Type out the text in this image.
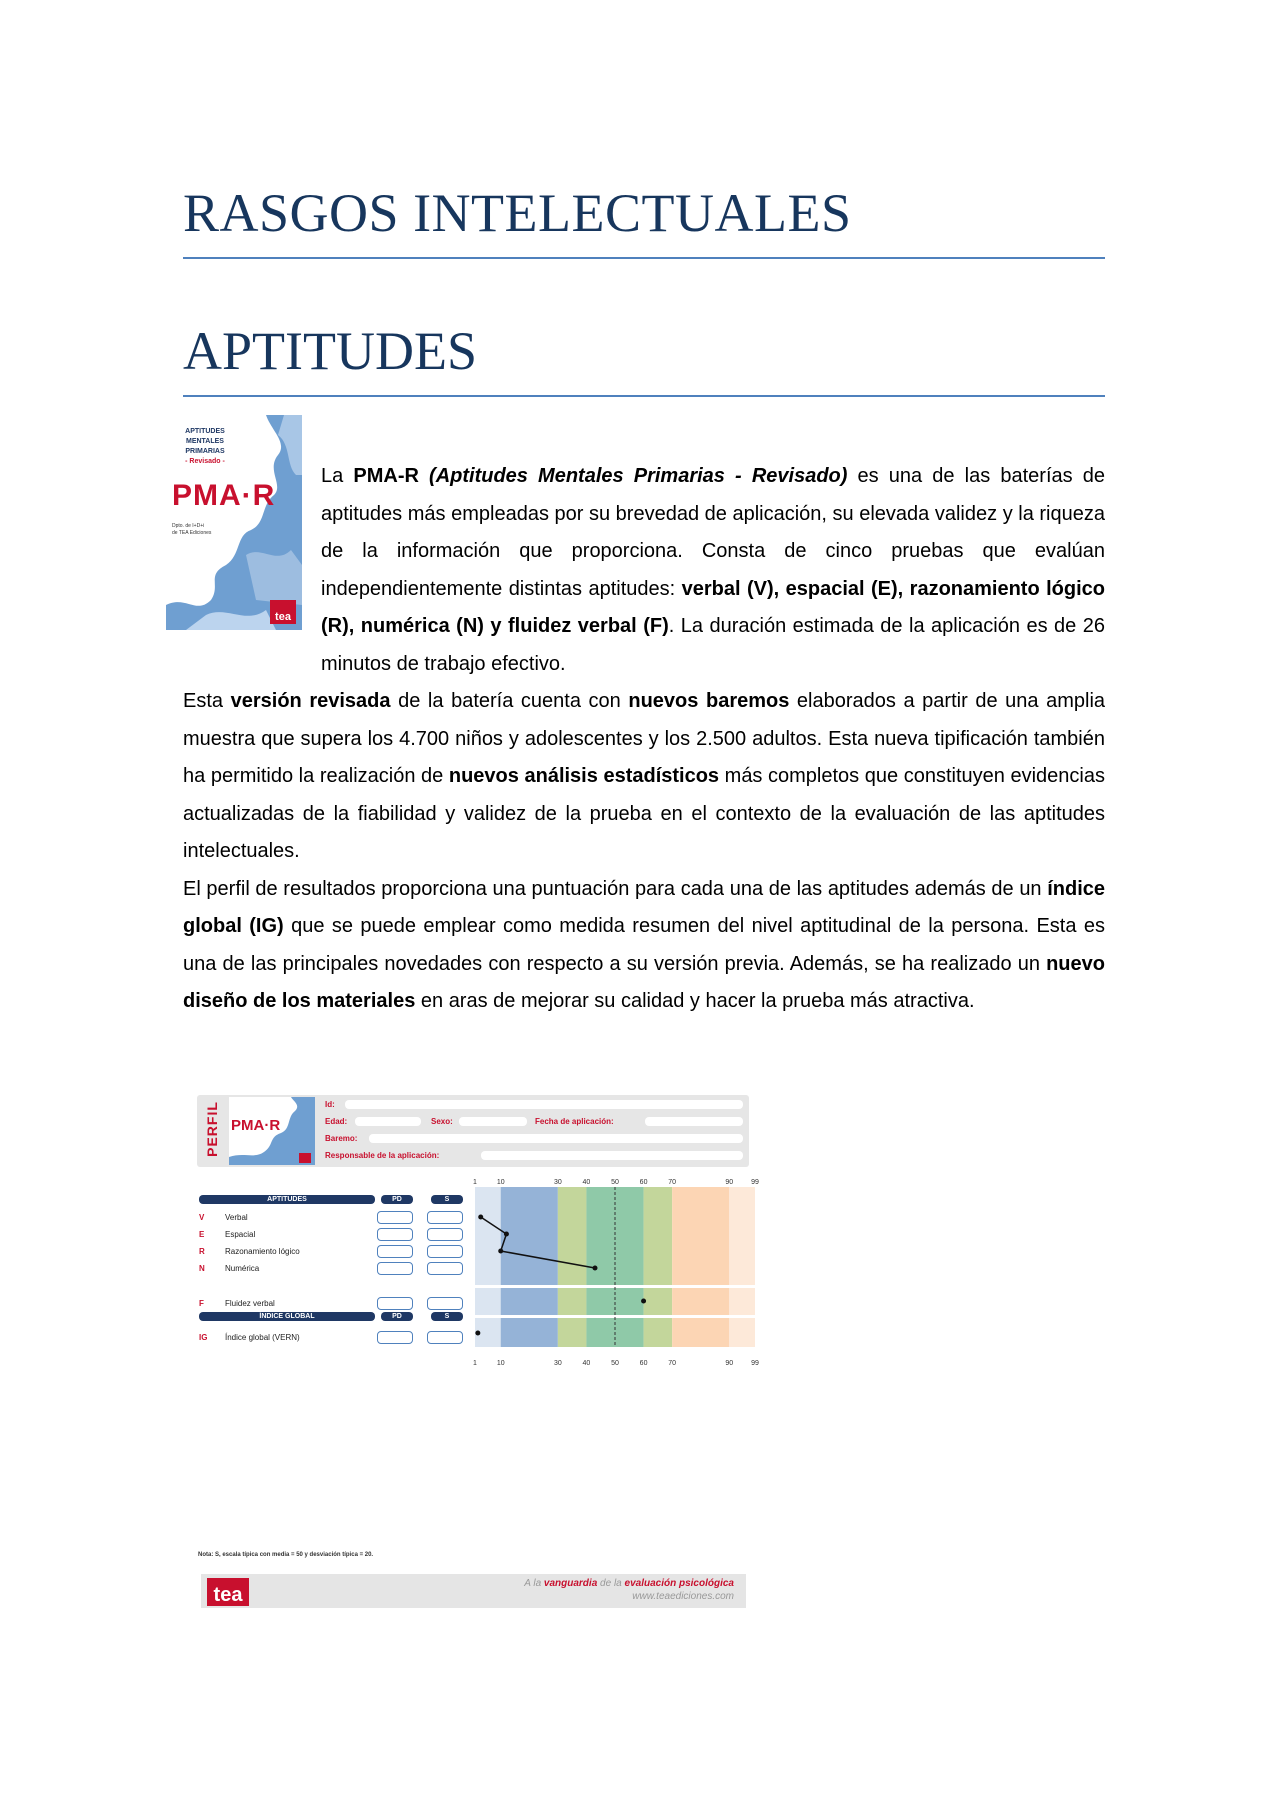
RASGOS INTELECTUALES
APTITUDES
APTITUDES
MENTALES
PRIMARIAS
- Revisado -
PMA·R
Dpto. de I+D+i
de TEA Ediciones
tea

La PMA-R (Aptitudes Mentales Primarias - Revisado) es una de las baterías de aptitudes más empleadas por su brevedad de aplicación, su elevada validez y la riqueza de la información que proporciona. Consta de cinco pruebas que evalúan independientemente distintas aptitudes: verbal (V), espacial (E), razonamiento lógico (R), numérica (N) y fluidez verbal (F). La duración estimada de la aplicación es de 26 minutos de trabajo efectivo.

Esta versión revisada de la batería cuenta con nuevos baremos elaborados a partir de una amplia muestra que supera los 4.700 niños y adolescentes y los 2.500 adultos. Esta nueva tipificación también ha permitido la realización de nuevos análisis estadísticos más completos que constituyen evidencias actualizadas de la fiabilidad y validez de la prueba en el contexto de la evaluación de las aptitudes intelectuales.

El perfil de resultados proporciona una puntuación para cada una de las aptitudes además de un índice global (IG) que se puede emplear como medida resumen del nivel aptitudinal de la persona. Esta es una de las principales novedades con respecto a su versión previa. Además, se ha realizado un nuevo diseño de los materiales en aras de mejorar su calidad y hacer la prueba más atractiva.

PERFIL PMA·R
Id:
Edad:	Sexo:	Fecha de aplicación:
Baremo:
Responsable de la aplicación:
APTITUDES	PD	S
V	Verbal
E	Espacial
R	Razonamiento lógico
N	Numérica
F	Fluidez verbal
ÍNDICE GLOBAL	PD	S
IG Índice global (VERN)
1
1
10
10
30
30
40
40
50
50
60
60
70
70
90
90
99
99
Nota: S, escala típica con media = 50 y desviación típica = 20.
tea
A la vanguardia de la evaluación psicológica
www.teaediciones.com
